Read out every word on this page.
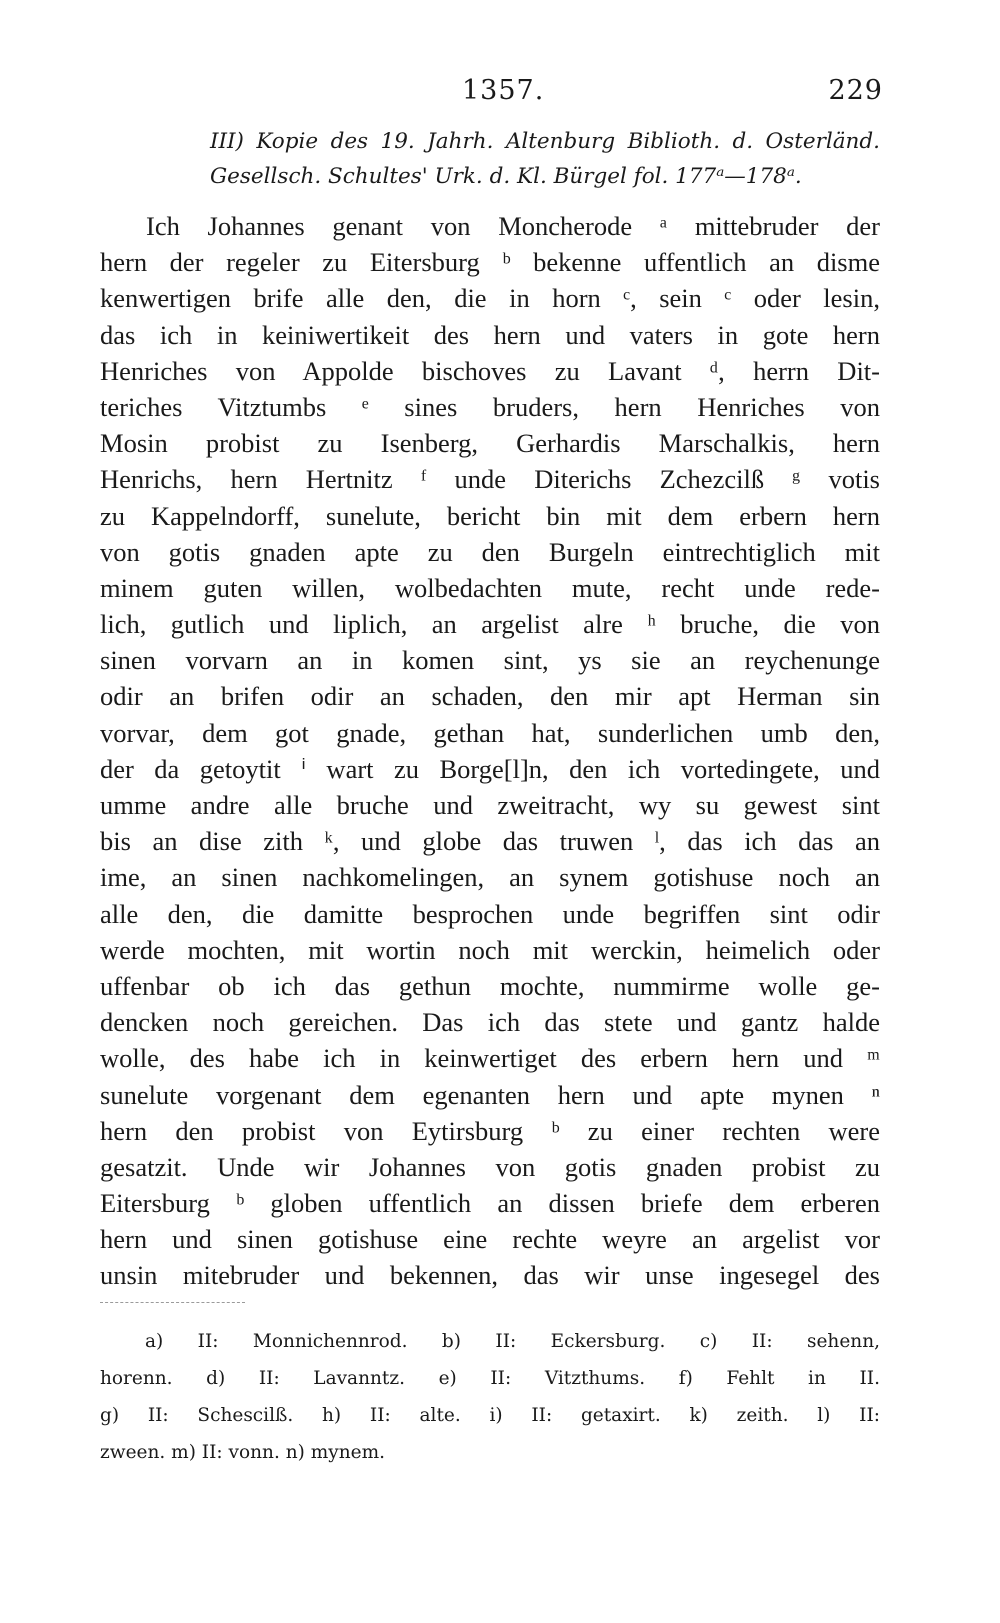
1357.	229
III) Kopie des 19. Jahrh. Altenburg Biblioth. d. Osterländ.
Gesellsch. Schultes' Urk. d. Kl. Bürgel fol. 177ᵃ—178ᵃ.
Ich Johannes genant von Moncherode ᵃ mittebruder der
hern der regeler zu Eitersburg ᵇ bekenne uffentlich an disme
kenwertigen brife alle den, die in horn ᶜ, sein ᶜ oder lesin,
das ich in keiniwertikeit des hern und vaters in gote hern
Henriches von Appolde bischoves zu Lavant ᵈ, herrn Dit-
teriches Vitztumbs ᵉ sines bruders, hern Henriches von
Mosin probist zu Isenberg, Gerhardis Marschalkis, hern
Henrichs, hern Hertnitz ᶠ unde Diterichs Zchezcilß ᵍ votis
zu Kappelndorff, sunelute, bericht bin mit dem erbern hern
von gotis gnaden apte zu den Burgeln eintrechtiglich mit
minem guten willen, wolbedachten mute, recht unde rede-
lich, gutlich und liplich, an argelist alre ʰ bruche, die von
sinen vorvarn an in komen sint, ys sie an reychenunge
odir an brifen odir an schaden, den mir apt Herman sin
vorvar, dem got gnade, gethan hat, sunderlichen umb den,
der da getoytit ⁱ wart zu Borge[l]n, den ich vortedingete, und
umme andre alle bruche und zweitracht, wy su gewest sint
bis an dise zith ᵏ, und globe das truwen ˡ, das ich das an
ime, an sinen nachkomelingen, an synem gotishuse noch an
alle den, die damitte besprochen unde begriffen sint odir
werde mochten, mit wortin noch mit werckin, heimelich oder
uffenbar ob ich das gethun mochte, nummirme wolle ge-
dencken noch gereichen. Das ich das stete und gantz halde
wolle, des habe ich in keinwertiget des erbern hern und ᵐ
sunelute vorgenant dem egenanten hern und apte mynen ⁿ
hern den probist von Eytirsburg ᵇ zu einer rechten were
gesatzit. Unde wir Johannes von gotis gnaden probist zu
Eitersburg ᵇ globen uffentlich an dissen briefe dem erberen
hern und sinen gotishuse eine rechte weyre an argelist vor
unsin mitebruder und bekennen, das wir unse ingesegel des
a) II: Monnichennrod. b) II: Eckersburg. c) II: sehenn,
horenn. d) II: Lavanntz. e) II: Vitzthums. f) Fehlt in II.
g) II: Schescilß. h) II: alte. i) II: getaxirt. k) zeith. l) II:
zween. m) II: vonn. n) mynem.
